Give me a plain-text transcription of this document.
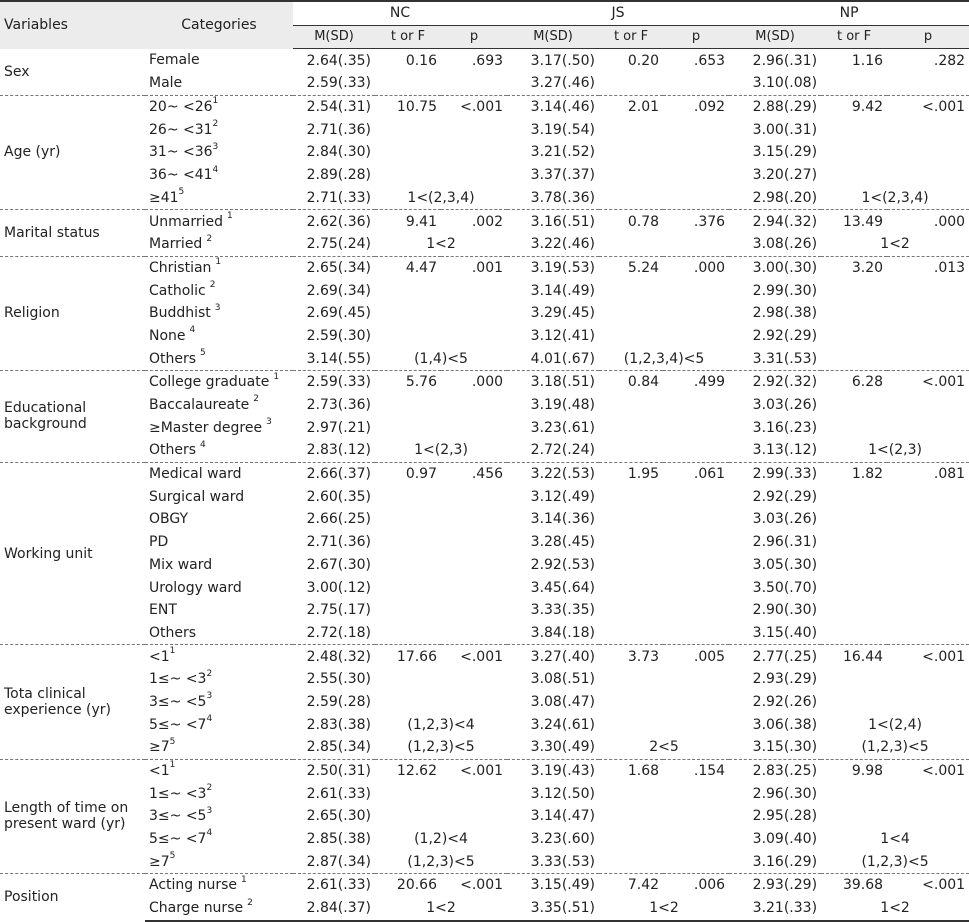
Variables	Categories	NC			JS			NP		
		M(SD)	t or F	p	M(SD)	t or F	p	M(SD)	t or F	p
Sex	Female	2.64(.35)	0.16	.693	3.17(.50)	0.20	.653	2.96(.31)	1.16	.282
	Male	2.59(.33)			3.27(.46)			3.10(.08)		
Age (yr)	20~ $<26^1$	2.54(.31)	10.75	<.001	3.14(.46)	2.01	.092	2.88(.29)	9.42	<.001
	26~ $<31^2$	2.71(.36)			3.19(.54)			3.00(.31)		
	31~ $<36^3$	2.84(.30)			3.21(.52)			3.15(.29)		
	36~ $<41^4$	2.89(.28)			3.37(.37)			3.20(.27)		
	$\ge 41^5$	2.71(.33)	1<(2,3,4)		3.78(.36)			2.98(.20)	1<(2,3,4)	
Marital status	Unmarried $^1$	2.62(.36)	9.41	.002	3.16(.51)	0.78	.376	2.94(.32)	13.49	.000
	Married $^2$	2.75(.24)	1<2		3.22(.46)			3.08(.26)	1<2	
Religion	Christian $^1$	2.65(.34)	4.47	.001	3.19(.53)	5.24	.000	3.00(.30)	3.20	.013
	Catholic $^2$	2.69(.34)			3.14(.49)			2.99(.30)		
	Buddhist $^3$	2.69(.45)			3.29(.45)			2.98(.38)		
	None $^4$	2.59(.30)			3.12(.41)			2.92(.29)		
	Others $^5$	3.14(.55)	(1,4)<5		4.01(.67)	(1,2,3,4)<5		3.31(.53)		
Educational background	College graduate $^1$	2.59(.33)	5.76	.000	3.18(.51)	0.84	.499	2.92(.32)	6.28	<.001
	Baccalaureate $^2$	2.73(.36)			3.19(.48)			3.03(.26)		
	≥Master degree $^3$	2.97(.21)			3.23(.61)			3.16(.23)		
	Others $^4$	2.83(.12)	1<(2,3)		2.72(.24)			3.13(.12)	1<(2,3)	
Working unit	Medical ward	2.66(.37)	0.97	.456	3.22(.53)	1.95	.061	2.99(.33)	1.82	.081
	Surgical ward	2.60(.35)			3.12(.49)			2.92(.29)		
	OBGY	2.66(.25)			3.14(.36)			3.03(.26)		
	PD	2.71(.36)			3.28(.45)			2.96(.31)		
	Mix ward	2.67(.30)			2.92(.53)			3.05(.30)		
	Urology ward	3.00(.12)			3.45(.64)			3.50(.70)		
	ENT	2.75(.17)			3.33(.35)			2.90(.30)		
	Others	2.72(.18)			3.84(.18)			3.15(.40)		
Tota clinical experience (yr)	$<1^1$	2.48(.32)	17.66	<.001	3.27(.40)	3.73	.005	2.77(.25)	16.44	<.001
	1≤~ $<3^2$	2.55(.30)			3.08(.51)			2.93(.29)		
	3≤~ $<5^3$	2.59(.28)			3.08(.47)			2.92(.26)		
	5≤~ $<7^4$	2.83(.38)	(1,2,3)<4		3.24(.61)			3.06(.38)	1<(2,4)	
	$\ge 7^5$	2.85(.34)	(1,2,3)<5		3.30(.49)	2<5		3.15(.30)	(1,2,3)<5	
Length of time on present ward (yr)	$<1^1$	2.50(.31)	12.62	<.001	3.19(.43)	1.68	.154	2.83(.25)	9.98	<.001
	1≤~ $<3^2$	2.61(.33)			3.12(.50)			2.96(.30)		
	3≤~ $<5^3$	2.65(.30)			3.14(.47)			2.95(.28)		
	5≤~ $<7^4$	2.85(.38)	(1,2)<4		3.23(.60)			3.09(.40)	1<4	
	$\ge 7^5$	2.87(.34)	(1,2,3)<5		3.33(.53)			3.16(.29)	(1,2,3)<5	
Position	Acting nurse $^1$	2.61(.33)	20.66	<.001	3.15(.49)	7.42	.006	2.93(.29)	39.68	<.001
	Charge nurse $^2$	2.84(.37)	1<2		3.35(.51)	1<2		3.21(.33)	1<2	
